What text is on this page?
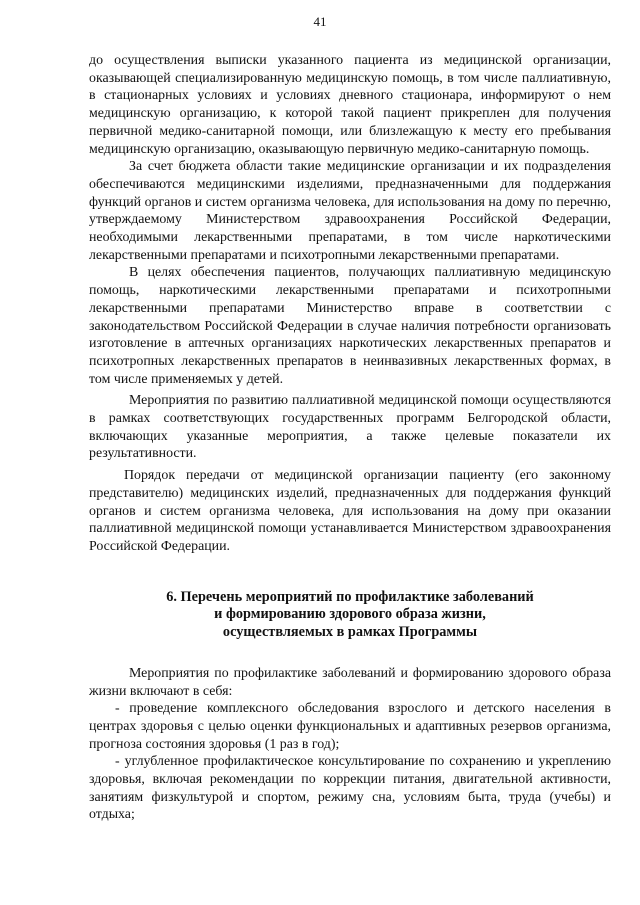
41

до осуществления выписки указанного пациента из медицинской организации, оказывающей специализированную медицинскую помощь, в том числе паллиативную, в стационарных условиях и условиях дневного стационара, информируют о нем медицинскую организацию, к которой такой пациент прикреплен для получения первичной медико-санитарной помощи, или близлежащую к месту его пребывания медицинскую организацию, оказывающую первичную медико-санитарную помощь.

За счет бюджета области такие медицинские организации и их подразделения обеспечиваются медицинскими изделиями, предназначенными для поддержания функций органов и систем организма человека, для использования на дому по перечню, утверждаемому Министерством здравоохранения Российской Федерации, необходимыми лекарственными препаратами, в том числе наркотическими лекарственными препаратами и психотропными лекарственными препаратами.

В целях обеспечения пациентов, получающих паллиативную медицинскую помощь, наркотическими лекарственными препаратами и психотропными лекарственными препаратами Министерство вправе в соответствии с законодательством Российской Федерации в случае наличия потребности организовать изготовление в аптечных организациях наркотических лекарственных препаратов и психотропных лекарственных препаратов в неинвазивных лекарственных формах, в том числе применяемых у детей.

Мероприятия по развитию паллиативной медицинской помощи осуществляются в рамках соответствующих государственных программ Белгородской области, включающих указанные мероприятия, а также целевые показатели их результативности.

Порядок передачи от медицинской организации пациенту (его законному представителю) медицинских изделий, предназначенных для поддержания функций органов и систем организма человека, для использования на дому при оказании паллиативной медицинской помощи устанавливается Министерством здравоохранения Российской Федерации.

6. Перечень мероприятий по профилактике заболеваний
и формированию здорового образа жизни,
осуществляемых в рамках Программы

Мероприятия по профилактике заболеваний и формированию здорового образа жизни включают в себя:

- проведение комплексного обследования взрослого и детского населения в центрах здоровья с целью оценки функциональных и адаптивных резервов организма, прогноза состояния здоровья (1 раз в год);

- углубленное профилактическое консультирование по сохранению и укреплению здоровья, включая рекомендации по коррекции питания, двигательной активности, занятиям физкультурой и спортом, режиму сна, условиям быта, труда (учебы) и отдыха;
